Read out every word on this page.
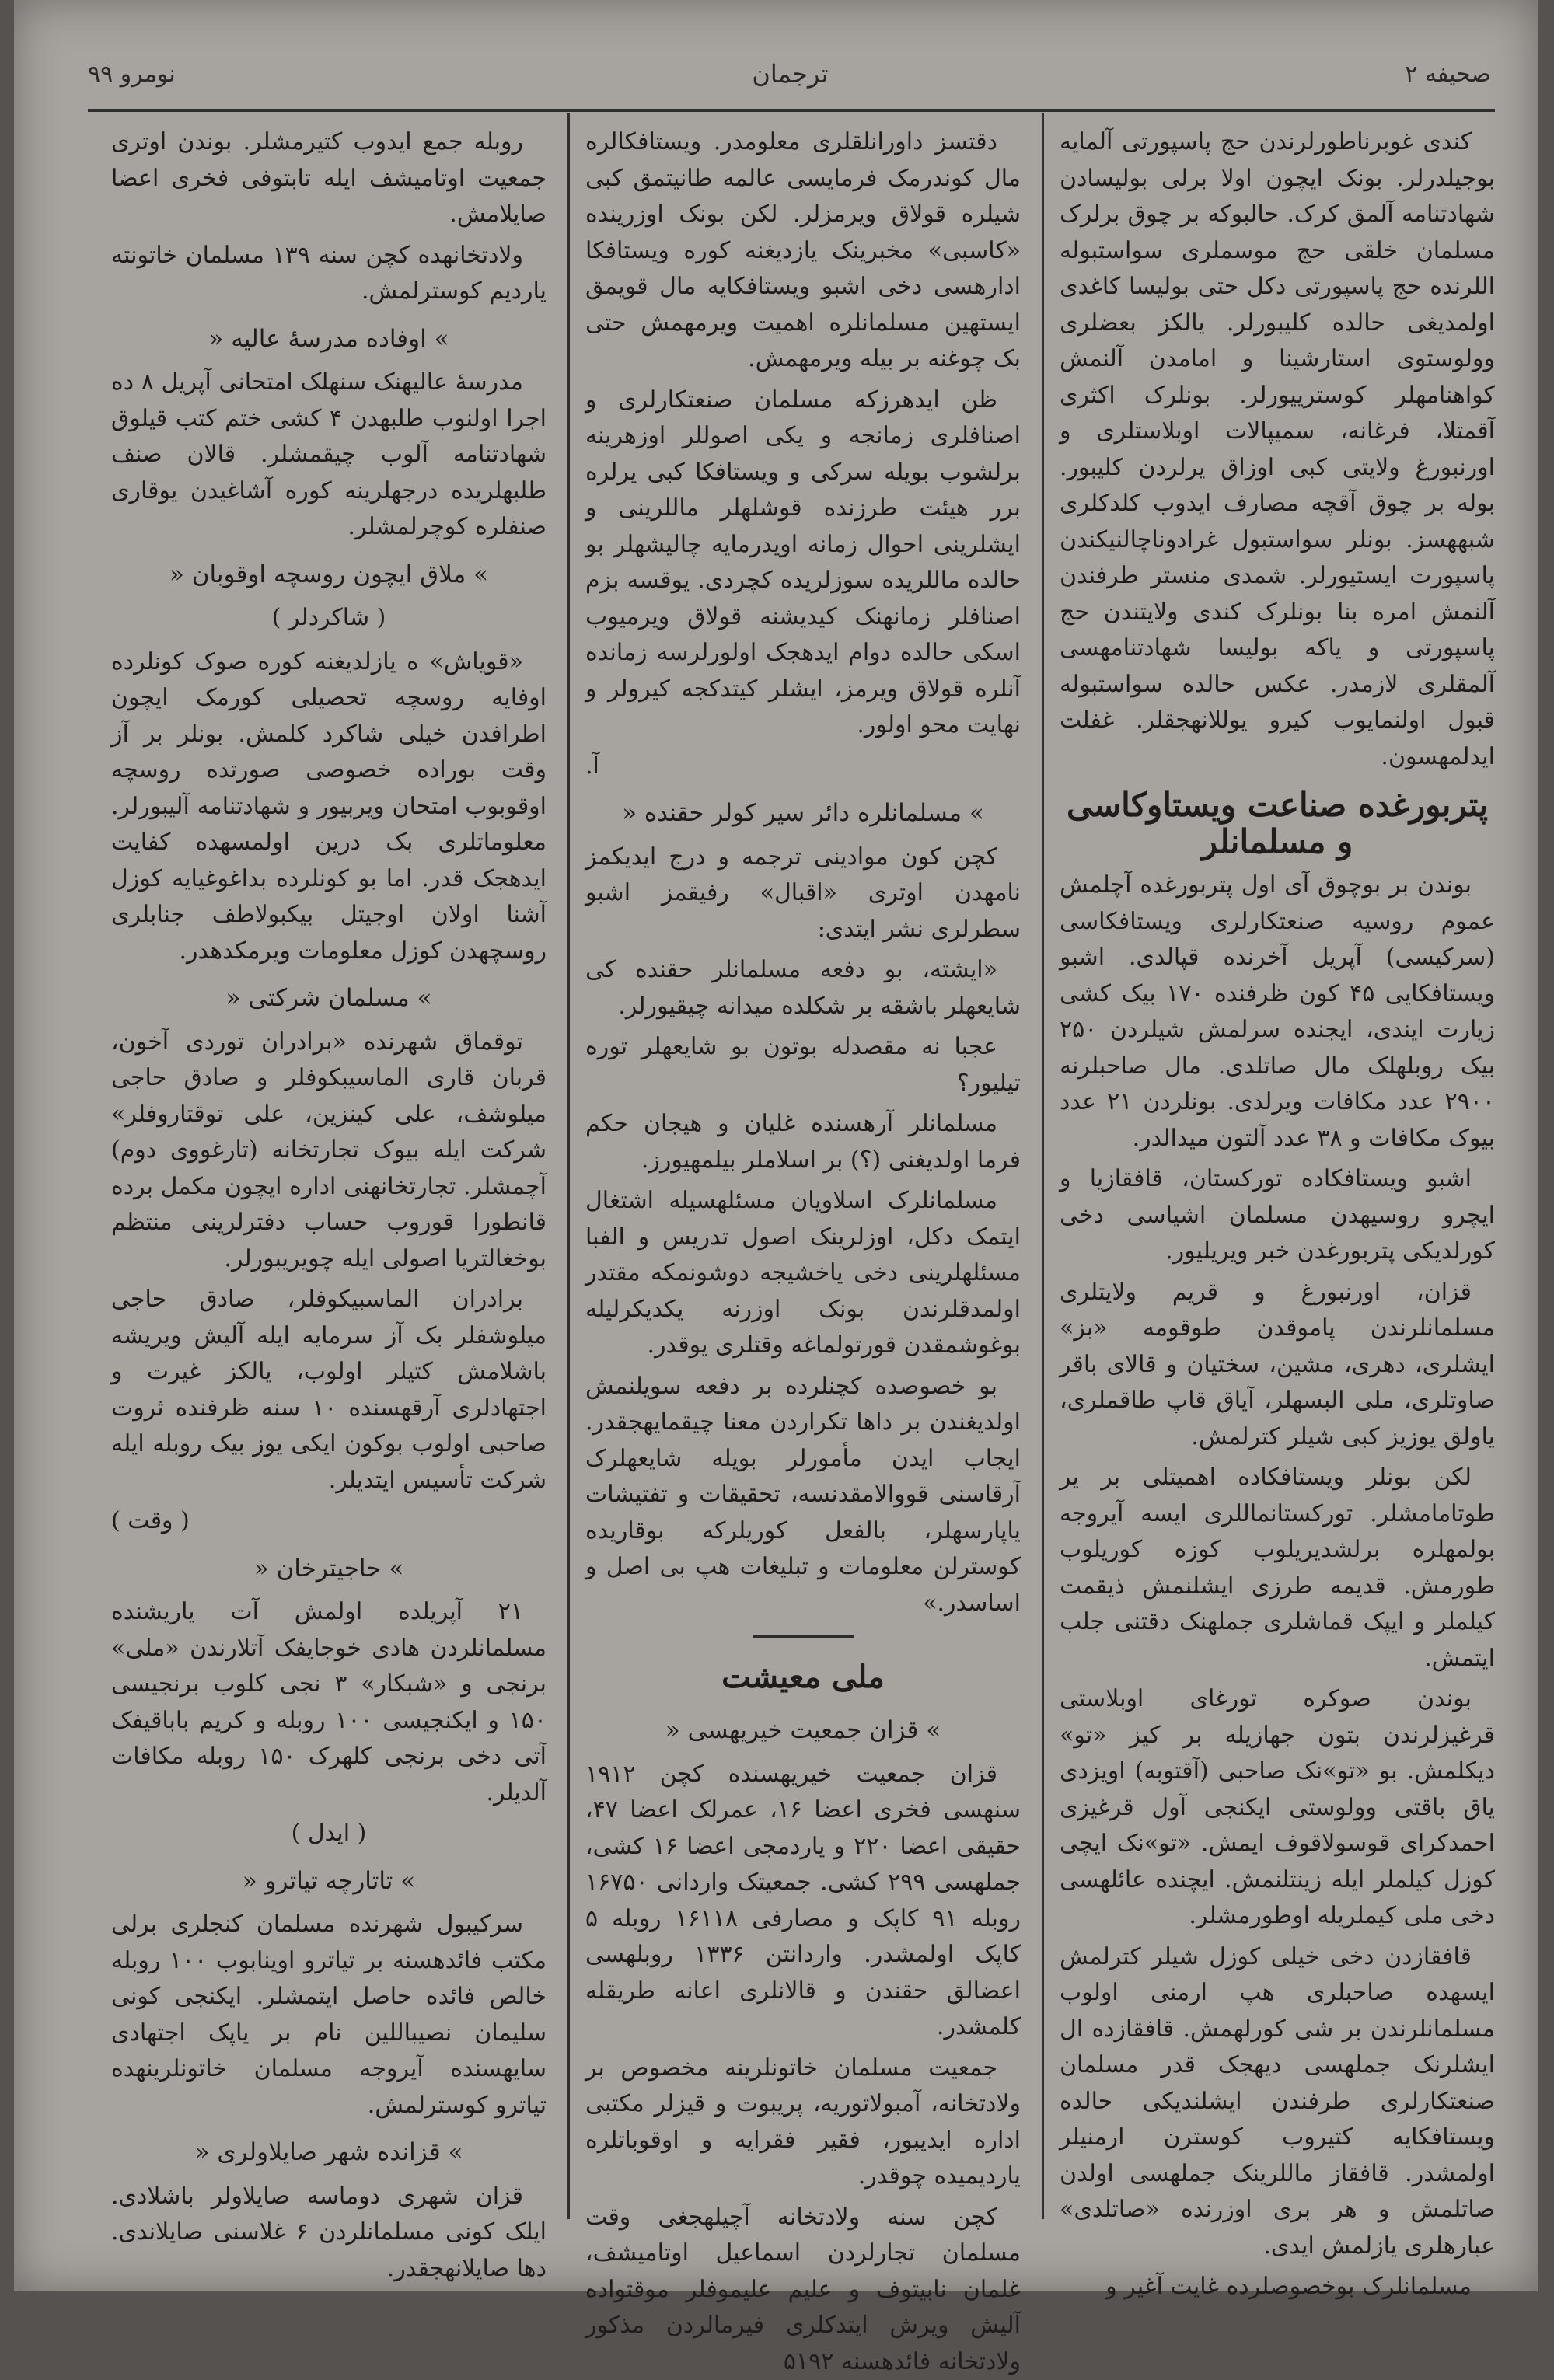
صحیفه ۲
ترجمان
نومرو ۹۹

کندی غوبرناطورلرندن حج پاسپورتی آلمایه بوجیلدرلر. بونک ایچون اولا برلی بولیسادن شهادتنامه آلمق کرک. حالبوکه بر چوق برلرک مسلمان خلقی حج موسملری سواستبوله اللرنده حج پاسپورتی دکل حتی بولیسا کاغدی اولمدیغی حالده کلیبورلر. یالکز بعضلری وولوستوی استارشینا و امامدن آلنمش کواهنامهلر کوسترییورلر. بونلرک اکثری آقمتلا، فرغانه، سمیپالات اوبلاستلری و اورنبورغ ولایتی کبی اوزاق یرلردن کلیبور. بوله بر چوق آقچه مصارف ایدوب کلدکلری شبههسز. بونلر سواستبول غرادوناچالنیکندن پاسپورت ایستیورلر. شمدی منستر طرفندن آلنمش امره بنا بونلرک کندی ولایتندن حج پاسپورتی و یاکه بولیسا شهادتنامهسی آلمقلری لازمدر. عکس حالده سواستبوله قبول اولنمایوب کیرو یوللانهجقلر. غفلت ایدلمهسون.

پتربورغده صناعت ویستاوکاسی و مسلمانلر

بوندن بر بوچوق آی اول پتربورغده آچلمش عموم روسیه صنعتکارلری ویستافکاسی (سرکیسی) آپریل آخرنده قپالدی. اشبو ویستافکایی ۴۵ کون ظرفنده ۱۷۰ بیک کشی زیارت ایندی، ایجنده سرلمش شیلردن ۲۵۰ بیک روبلهلک مال صاتلدی. مال صاحبلرنه ۲۹۰۰ عدد مکافات ویرلدی. بونلردن ۲۱ عدد بیوک مکافات و ۳۸ عدد آلتون میدالدر.

اشبو ویستافکاده تورکستان، قافقازیا و ایچرو روسیهدن مسلمان اشیاسی دخی کورلدیکی پتربورغدن خبر ویریلیور.

قزان، اورنبورغ و قریم ولایتلری مسلمانلرندن پاموقدن طوقومه «بز» ایشلری، دهری، مشین، سختیان و قالای باقر صاوتلری، ملی البسهلر، آیاق قاپ طاقملری، یاولق یوزیز کبی شیلر کترلمش.

لکن بونلر ویستافکاده اهمیتلی بر یر طوتامامشلر. تورکستانماللری ایسه آیروجه بولمهلره برلشدیریلوب کوزه کوریلوب طورمش. قدیمه طرزی ایشلنمش ذیقمت کیلملر و ایپک قماشلری جملهنک دقتنی جلب ایتمش.

بوندن صوکره تورغای اوبلاستی قرغیزلرندن بتون جهازیله بر کیز «تو» دیکلمش. بو «تو»نک صاحبی (آقتوبه) اویزدی یاق باقتی وولوستی ایکنجی آول قرغیزی احمدکرای قوسولاقوف ایمش. «تو»نک ایچی کوزل کیلملر ایله زینتلنمش. ایچنده عائلهسی دخی ملی کیملریله اوطورمشلر.

قافقازدن دخی خیلی کوزل شیلر کترلمش ایسهده صاحبلری هپ ارمنی اولوب مسلمانلرندن بر شی کورلهمش. قافقازده ال ایشلرنک جملهسی دیهجک قدر مسلمان صنعتکارلری طرفندن ایشلندیکی حالده ویستافکایه کتیروب کوسترن ارمنیلر اولمشدر. قافقاز ماللرینک جملهسی اولدن صاتلمش و هر بری اوزرنده «صاتلدی» عبارهلری یازلمش ایدی.

مسلمانلرک بوخصوصلرده غایت آغیر و

دقتسز داورانلقلری معلومدر. ویستافکالره مال کوندرمک فرمایسی عالمه طانیتمق کبی شیلره قولاق ویرمزلر. لکن بونک اوزرینده «کاسبی» مخبرینک یازدیغنه کوره ویستافکا ادارهسی دخی اشبو ویستافکایه مال قویمق ایستهین مسلمانلره اهمیت ویرمهمش حتی بک چوغنه بر بیله ویرمهمش.

ظن ایدهرزکه مسلمان صنعتکارلری و اصنافلری زمانجه و یکی اصوللر اوزهرینه برلشوب بویله سرکی و ویستافکا کبی یرلره برر هیئت طرزنده قوشلهلر ماللرینی و ایشلرینی احوال زمانه اویدرمایه چالیشهلر بو حالده ماللریده سوزلریده کچردی. یوقسه بزم اصنافلر زمانهنک کیدیشنه قولاق ویرمیوب اسکی حالده دوام ایدهجک اولورلرسه زمانده آنلره قولاق ویرمز، ایشلر کیتدکجه کیرولر و نهایت محو اولور.

آ.

» مسلمانلره دائر سیر کولر حقنده «

کچن کون موادینی ترجمه و درج ایدیکمز نامهدن اوتری «اقبال» رفیقمز اشبو سطرلری نشر ایتدی:

«ایشته، بو دفعه مسلمانلر حقنده کی شایعهلر باشقه بر شکلده میدانه چیقیورلر.

عجبا نه مقصدله بوتون بو شایعهلر توره تیلیور؟

مسلمانلر آرهسنده غلیان و هیجان حکم فرما اولدیغنی (؟) بر اسلاملر بیلمهیورز.

مسلمانلرک اسلاویان مسئلهسیله اشتغال ایتمک دکل، اوزلرینک اصول تدریس و الفبا مسئلهلرینی دخی یاخشیجه دوشونمکه مقتدر اولمدقلرندن بونک اوزرنه یکدیکرلیله بوغوشمقدن قورتولماغه وقتلری یوقدر.

بو خصوصده کچنلرده بر دفعه سویلنمش اولدیغندن بر داها تکراردن معنا چیقمایهجقدر. ایجاب ایدن مأمورلر بویله شایعهلرک آرقاسنی قووالامقدنسه، تحقیقات و تفتیشات یاپارسهلر، بالفعل کوریلرکه بوقاریده کوسترلن معلومات و تبلیغات هپ بی اصل و اساسدر.»

ملی معیشت

» قزان جمعیت خیریهسی «

قزان جمعیت خیریهسنده کچن ۱۹۱۲ سنهسی فخری اعضا ۱۶، عمرلک اعضا ۴۷، حقیقی اعضا ۲۲۰ و یاردمجی اعضا ۱۶ کشی، جملهسی ۲۹۹ کشی. جمعیتک واردانی ۱۶۷۵۰ روبله ۹۱ کاپک و مصارفی ۱۶۱۱۸ روبله ۵ کاپک اولمشدر. واردانتن ۱۳۳۶ روبلهسی اعضالق حقندن و قالانلری اعانه طریقله کلمشدر.

جمعیت مسلمان خاتونلرینه مخصوص بر ولادتخانه، آمبولاتوریه، پریبوت و قیزلر مکتبی اداره ایدیبور، فقیر فقرایه و اوقوباتلره یاردیمیده چوقدر.

کچن سنه ولادتخانه آچیلهجغی وقت مسلمان تجارلردن اسماعیل اوتامیشف، غلمان نابیتوف و علیم علیموفلر موقتواده آلیش ویرش ایتدکلری فیرمالردن مذکور ولادتخانه فائدهسنه ۵۱۹۲

روبله جمع ایدوب کتیرمشلر. بوندن اوتری جمعیت اوتامیشف ایله تابتوفی فخری اعضا صایلامش.

ولادتخانهده کچن سنه ۱۳۹ مسلمان خاتونته یاردیم کوسترلمش.

» اوفاده مدرسهٔ عالیه «

مدرسهٔ عالیهنک سنهلک امتحانی آپریل ۸ ده اجرا اولنوب طلبهدن ۴ کشی ختم کتب قیلوق شهادتنامه آلوب چیقمشلر. قالان صنف طلبهلریده درجهلرینه کوره آشاغیدن یوقاری صنفلره کوچرلمشلر.

» ملاق ایچون روسچه اوقوبان «

( شاکردلر )

«قویاش» ه یازلدیغنه کوره صوک کونلرده اوفایه روسچه تحصیلی کورمک ایچون اطرافدن خیلی شاکرد کلمش. بونلر بر آز وقت بورادە خصوصی صورتده روسچه اوقوبوب امتحان ویربیور و شهادتنامه آلیبورلر. معلوماتلری بک درین اولمسهده کفایت ایدهجک قدر. اما بو کونلرده بداغوغیایه کوزل آشنا اولان اوجیتل بیکبولاطف جنابلری روسچهدن کوزل معلومات ویرمکدهدر.

» مسلمان شرکتی «

توقماق شهرنده «برادران توردی آخون، قربان قاری الماسیبکوفلر و صادق حاجی میلوشف، علی کینزین، علی توقتاروفلر» شرکت ایله بیوک تجارتخانه (تارغووی دوم) آچمشلر. تجارتخانهنی اداره ایچون مکمل برده قانطورا قوروب حساب دفترلرینی منتظم بوخغالتریا اصولی ایله چویریبورلر.

برادران الماسبیکوفلر، صادق حاجی میلوشفلر بک آز سرمایه ایله آلیش ویریشه باشلامش کتیلر اولوب، یالکز غیرت و اجتهادلری آرقهسنده ۱۰ سنه ظرفنده ثروت صاحبی اولوب بوکون ایکی یوز بیک روبله ایله شرکت تأسیس ایتدیلر.

( وقت )

» حاجیترخان «

۲۱ آپریلده اولمش آت یاریشنده مسلمانلردن هادی خوجایفک آتلارندن «ملی» برنجی و «شبکار» ۳ نجی کلوب برنجیسی ۱۵۰ و ایکنجیسی ۱۰۰ روبله و کریم باباقیفک آتی دخی برنجی کلهرک ۱۵۰ روبله مکافات آلدیلر.

( ایدل )

» تاتارچه تیاترو «

سرکیبول شهرنده مسلمان کنجلری برلی مکتب فائدهسنه بر تیاترو اوینابوب ۱۰۰ روبله خالص فائده حاصل ایتمشلر. ایکنجی کونی سلیمان نصیباللین نام بر یاپک اجتهادی سایهسنده آیروجه مسلمان خاتونلرینهده تیاترو کوسترلمش.

» قزانده شهر صایلاولری «

قزان شهری دوماسه صایلاولر باشلادی. ایلک کونی مسلمانلردن ۶ غلاسنی صایلاندی. دها صایلانهجقدر.
